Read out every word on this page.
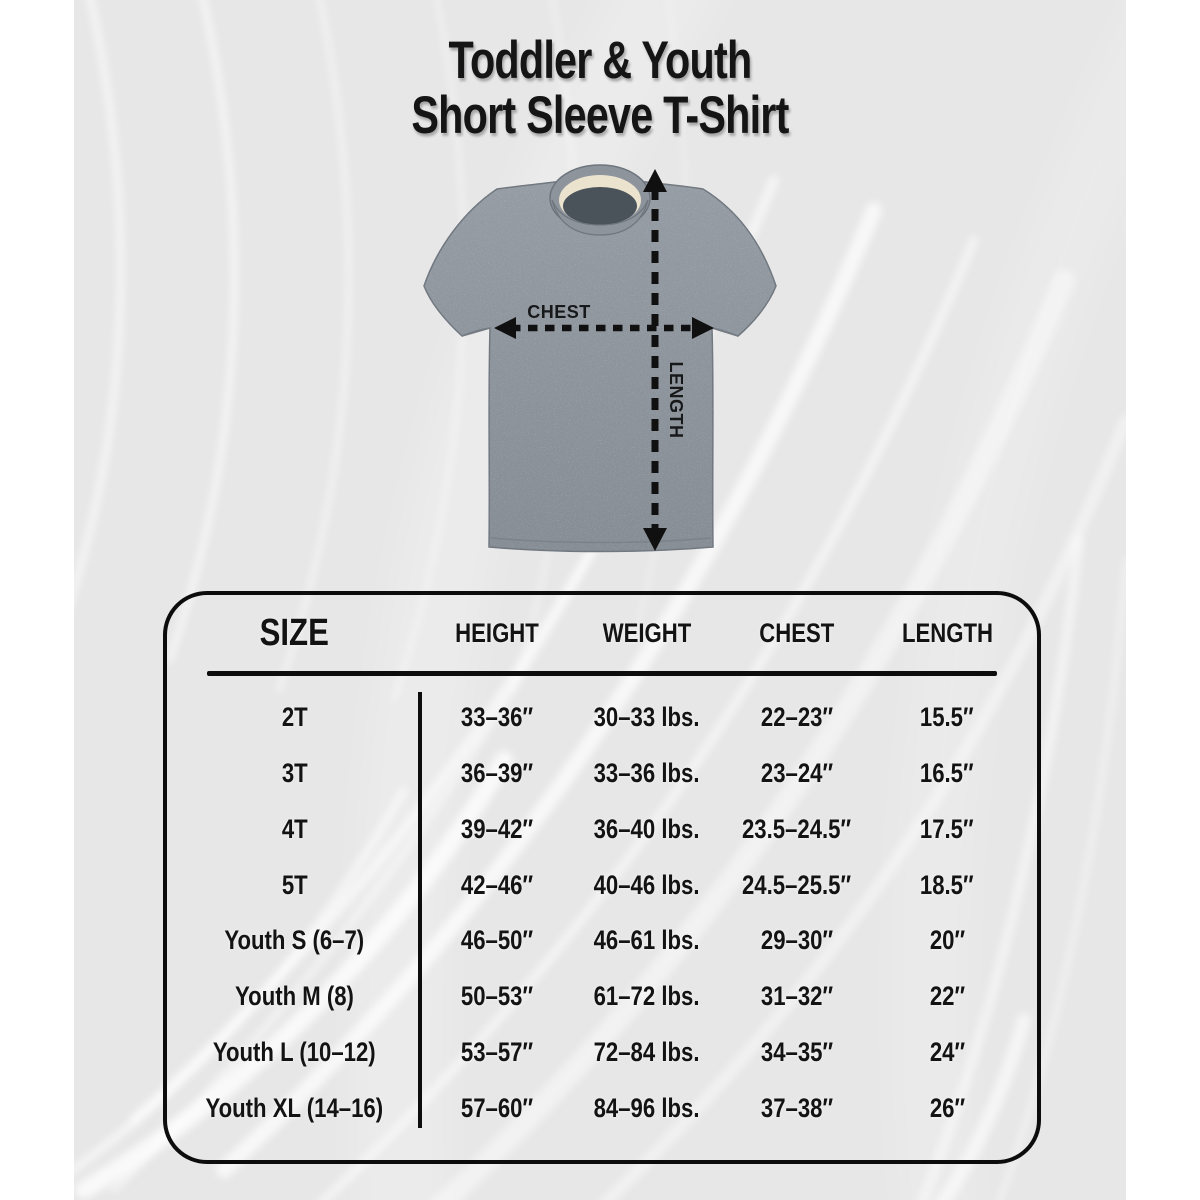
Toddler & Youth
Short Sleeve T-Shirt
CHEST
LENGTH
SIZE	HEIGHT	WEIGHT	CHEST	LENGTH
2T	33–36″	30–33 lbs.	22–23″	15.5″
3T	36–39″	33–36 lbs.	23–24″	16.5″
4T	39–42″	36–40 lbs.	23.5–24.5″	17.5″
5T	42–46″	40–46 lbs.	24.5–25.5″	18.5″
Youth S (6–7)	46–50″	46–61 lbs.	29–30″	20″
Youth M (8)	50–53″	61–72 lbs.	31–32″	22″
Youth L (10–12)	53–57″	72–84 lbs.	34–35″	24″
Youth XL (14–16)	57–60″	84–96 lbs.	37–38″	26″
